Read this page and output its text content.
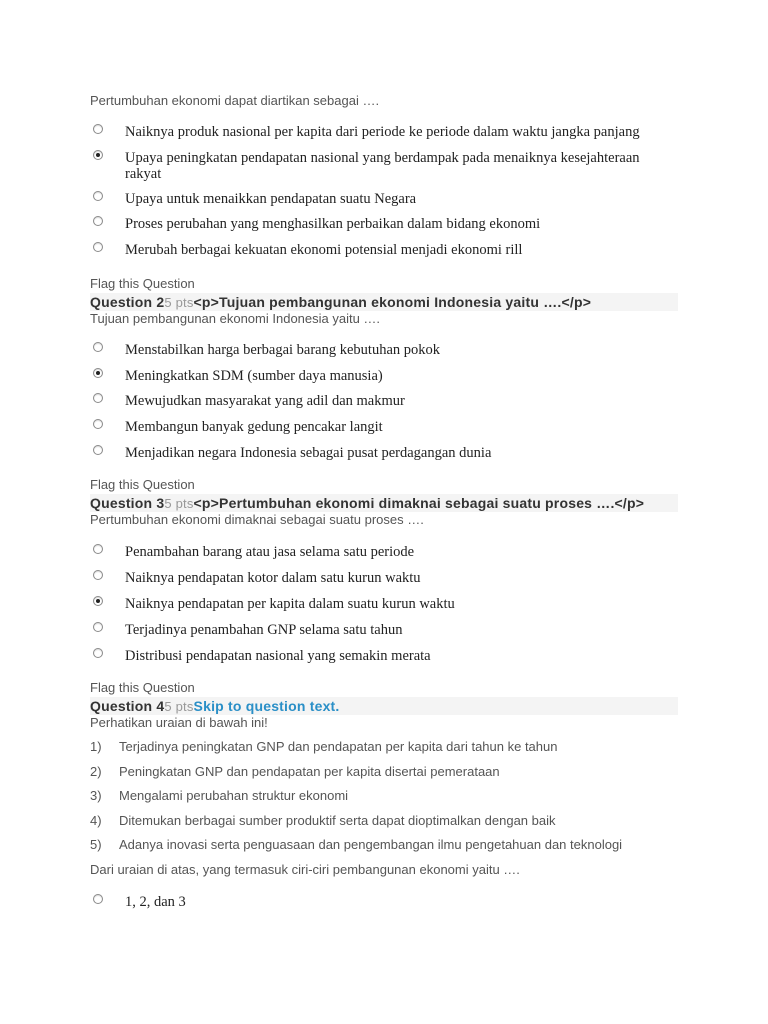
Pertumbuhan ekonomi dapat diartikan sebagai ….
Naiknya produk nasional per kapita dari periode ke periode dalam waktu jangka panjang
Upaya peningkatan pendapatan nasional yang berdampak pada menaiknya kesejahteraan rakyat
Upaya untuk menaikkan pendapatan suatu Negara
Proses perubahan yang menghasilkan perbaikan dalam bidang ekonomi
Merubah berbagai kekuatan ekonomi potensial menjadi ekonomi rill
Flag this Question
Question 25 pts<p>Tujuan pembangunan ekonomi Indonesia yaitu ….</p>
Tujuan pembangunan ekonomi Indonesia yaitu ….
Menstabilkan harga berbagai barang kebutuhan pokok
Meningkatkan SDM (sumber daya manusia)
Mewujudkan masyarakat yang adil dan makmur
Membangun banyak gedung pencakar langit
Menjadikan negara Indonesia sebagai pusat perdagangan dunia
Flag this Question
Question 35 pts<p>Pertumbuhan ekonomi dimaknai sebagai suatu proses ….</p>
Pertumbuhan ekonomi dimaknai sebagai suatu proses ….
Penambahan barang atau jasa selama satu periode
Naiknya pendapatan kotor dalam satu kurun waktu
Naiknya pendapatan per kapita dalam suatu kurun waktu
Terjadinya penambahan GNP selama satu tahun
Distribusi pendapatan nasional yang semakin merata
Flag this Question
Question 45 ptsSkip to question text.
Perhatikan uraian di bawah ini!
1) Terjadinya peningkatan GNP dan pendapatan per kapita dari tahun ke tahun
2) Peningkatan GNP dan pendapatan per kapita disertai pemerataan
3) Mengalami perubahan struktur ekonomi
4) Ditemukan berbagai sumber produktif serta dapat dioptimalkan dengan baik
5) Adanya inovasi serta penguasaan dan pengembangan ilmu pengetahuan dan teknologi
Dari uraian di atas, yang termasuk ciri-ciri pembangunan ekonomi yaitu ….
1, 2, dan 3
